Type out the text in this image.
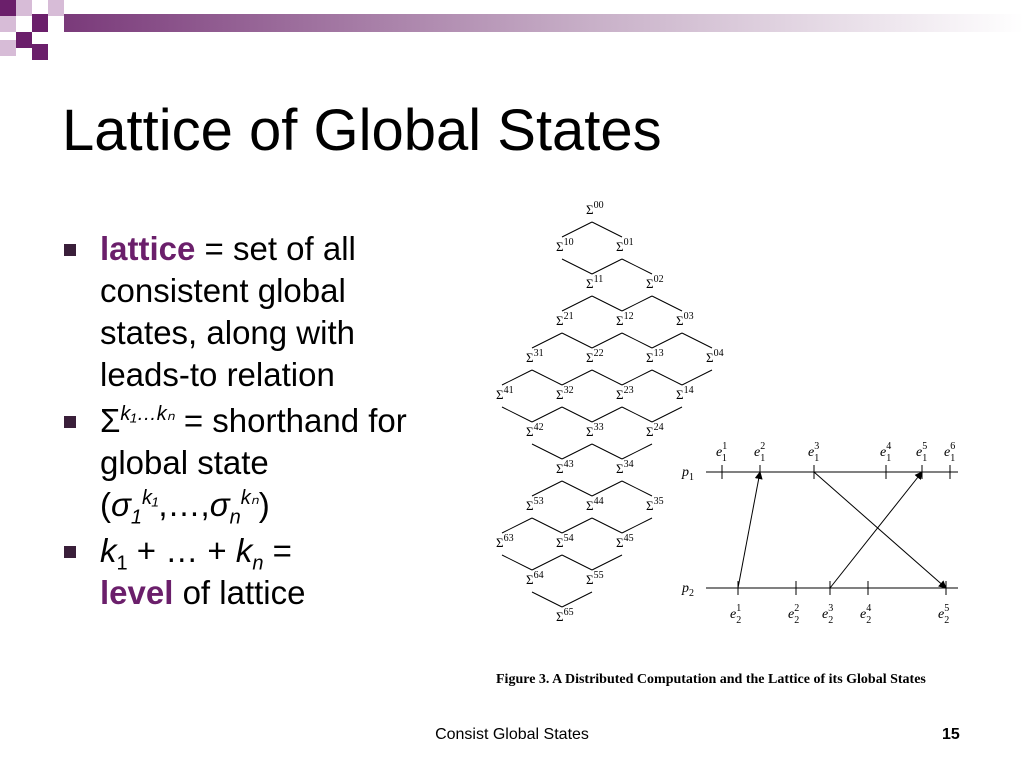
Lattice of Global States
lattice = set of all consistent global states, along with leads-to relation
$\Sigma^{k_1\dots k_n}$ = shorthand for global state $(\sigma_1^{k_1},\dots,\sigma_n^{k_n})$
$k_1$ + … + $k_n$ =
level of lattice
$\Sigma^{00}$
$\Sigma^{10}$	$\Sigma^{01}$
$\Sigma^{11}$	$\Sigma^{02}$
$\Sigma^{21}$	$\Sigma^{12}$	$\Sigma^{03}$
$\Sigma^{31}$	$\Sigma^{22}$	$\Sigma^{13}$	$\Sigma^{04}$
$\Sigma^{41}$	$\Sigma^{32}$	$\Sigma^{23}$	$\Sigma^{14}$
$\Sigma^{42}$	$\Sigma^{33}$	$\Sigma^{24}$
$\Sigma^{43}$	$\Sigma^{34}$
$\Sigma^{53}$	$\Sigma^{44}$	$\Sigma^{35}$
$\Sigma^{63}$	$\Sigma^{54}$	$\Sigma^{45}$
$\Sigma^{64}$	$\Sigma^{55}$
$\Sigma^{65}$
$p_1$
$p_2$
$e^1$ 1 $e^2$ 1	$e^3$ 1	$e^4$ 1 $e^5$ 1 $e^6$ 1
$e^1$ 2	$e^2$ 2 $e^3$ 2 $e^4$ 2	$e^5$ 2
Figure 3. A Distributed Computation and the Lattice of its Global States
Consist Global States	15
